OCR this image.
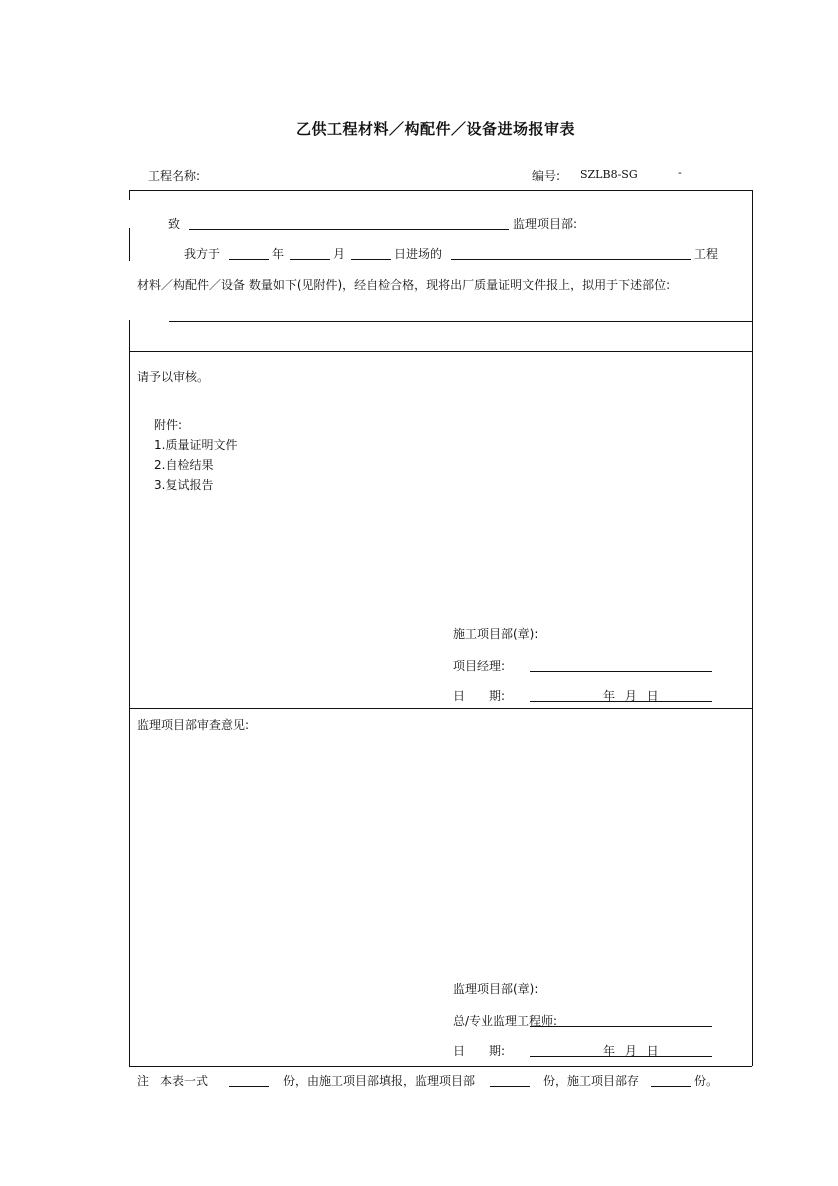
乙供工程材料／构配件／设备进场报审表
工程名称:	编号: SZLB8-SG	-
致	监理项目部:
我方于	年	月	日进场的	工程
材料／构配件／设备 数量如下(见附件)，经自检合格，现将出厂质量证明文件报上，拟用于下述部位:
请予以审核。
附件:
1.质量证明文件
2.自检结果
3.复试报告
施工项目部(章):
项目经理:
日 期:	年 月 日
监理项目部审查意见:
监理项目部(章):
总/专业监理工程师:
日 期:	年 月 日
注 本表一式	份，由施工项目部填报，监理项目部	份，施工项目部存	份。
